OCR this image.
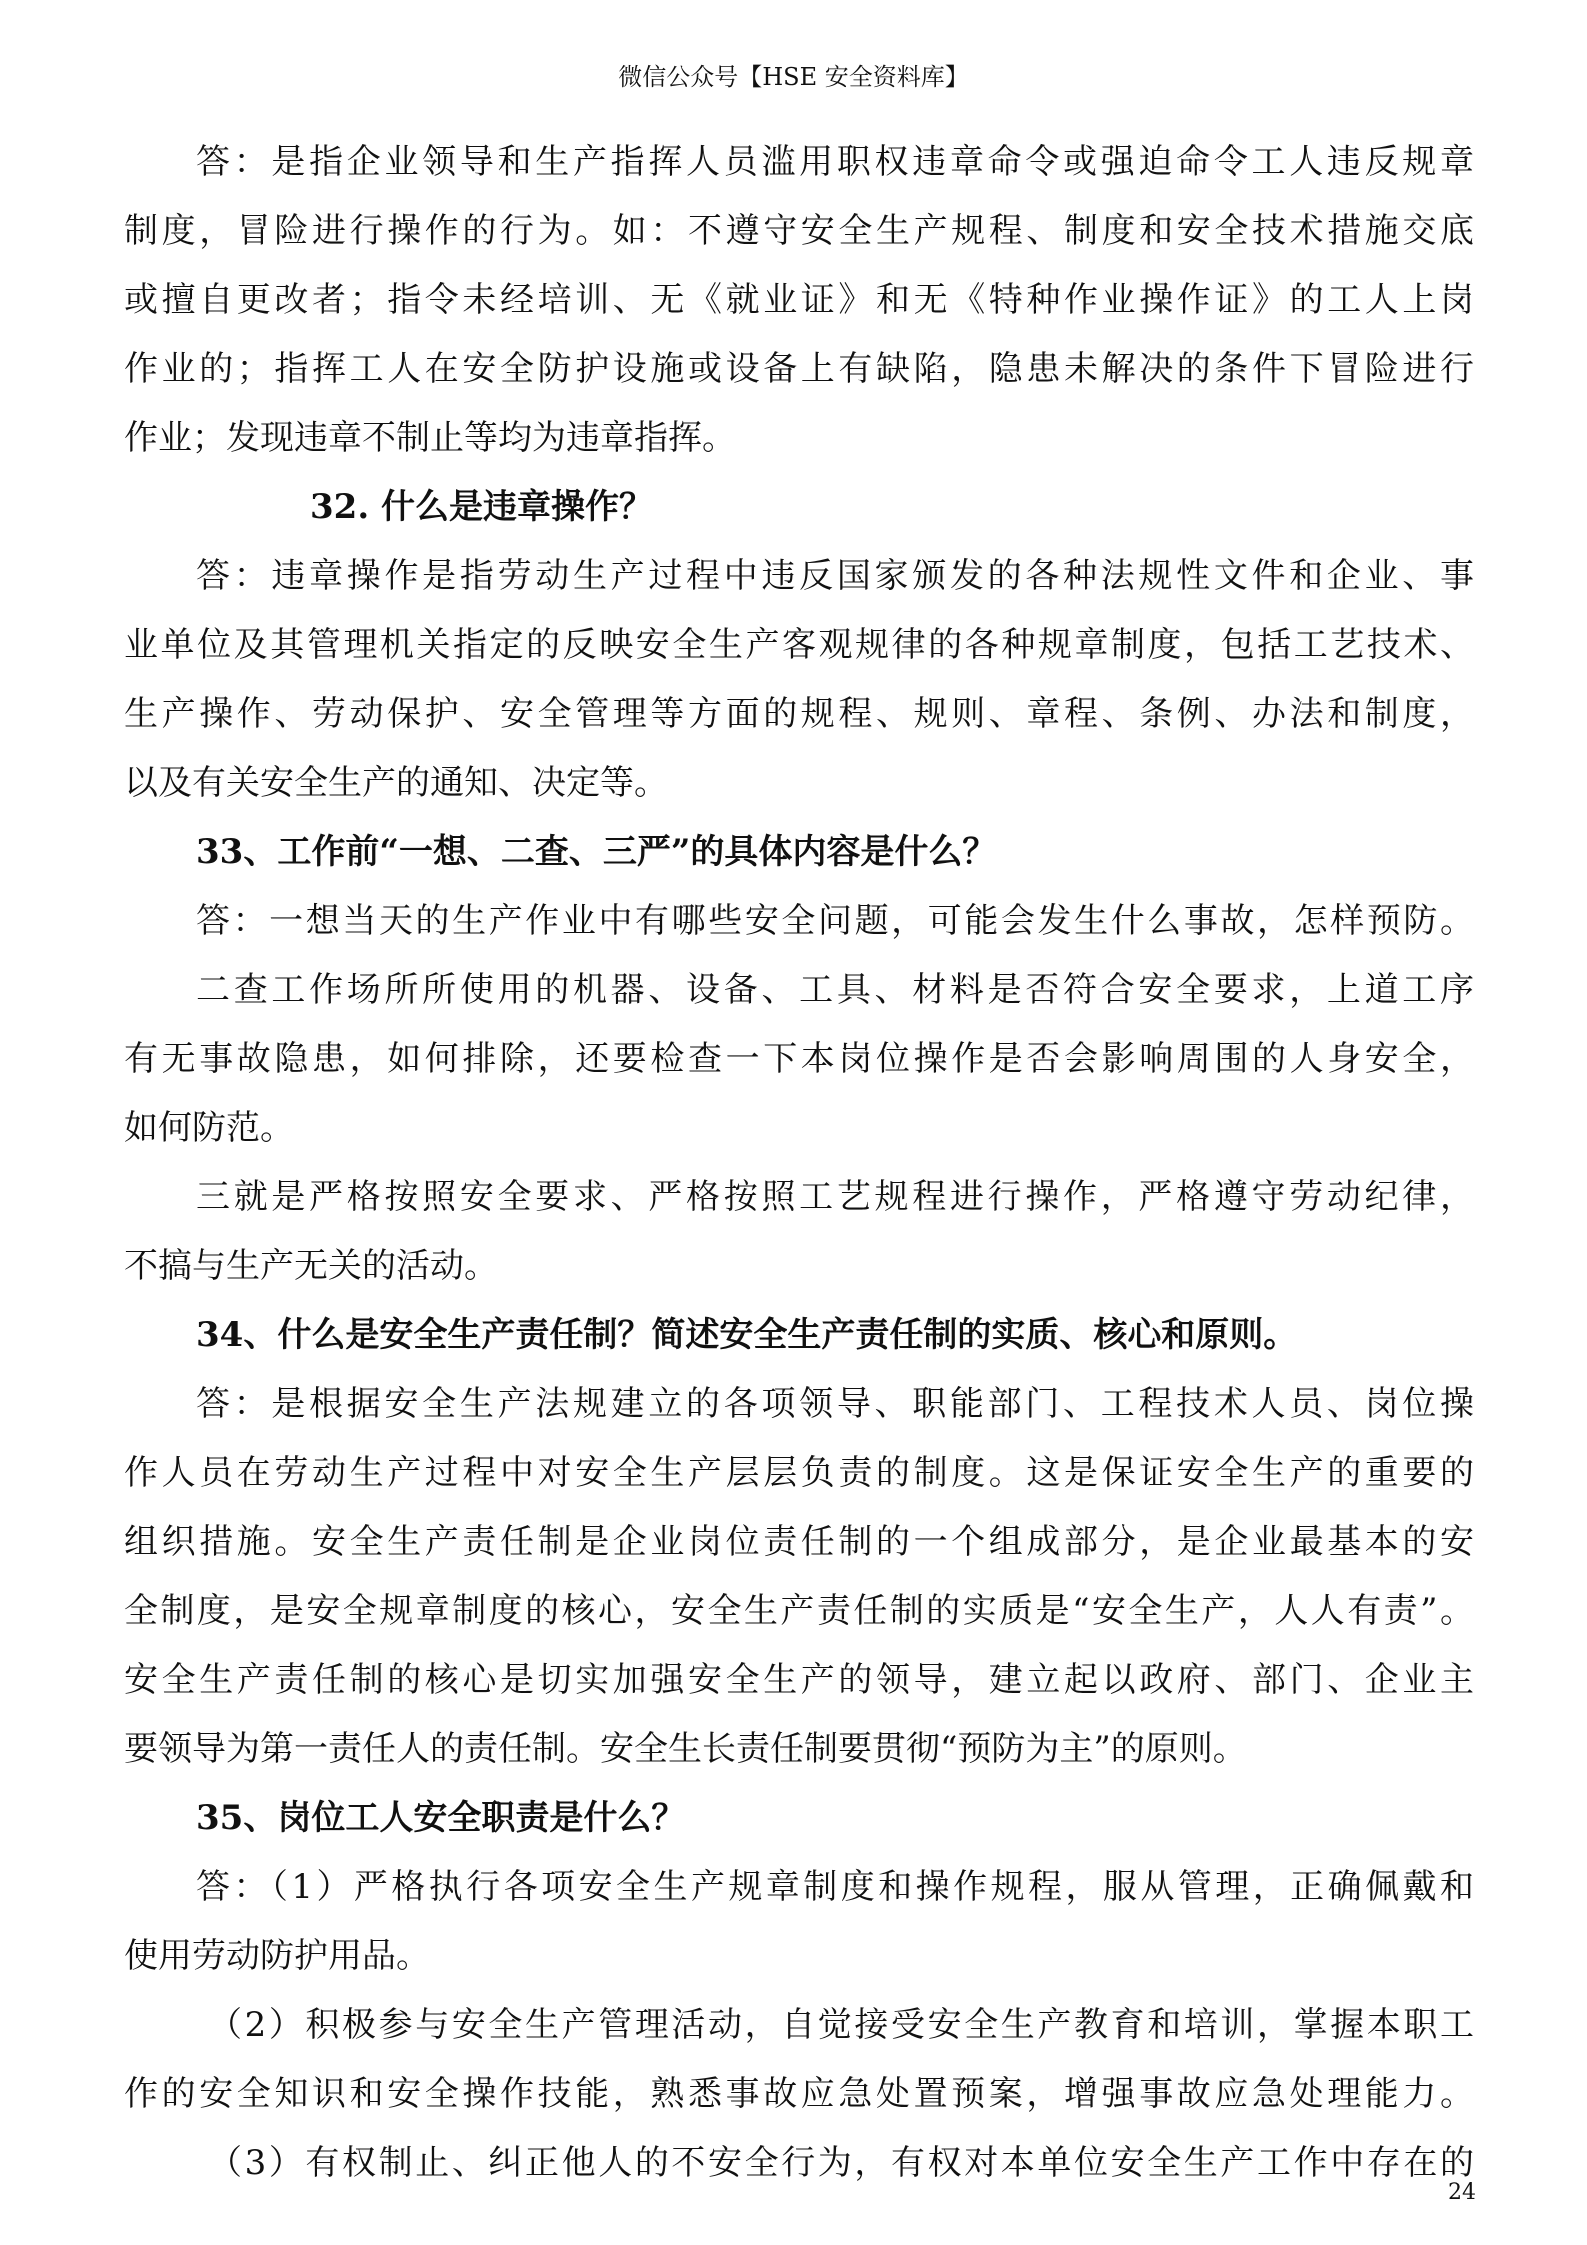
微信公众号【HSE 安全资料库】
答：是指企业领导和生产指挥人员滥用职权违章命令或强迫命令工人违反规章
制度，冒险进行操作的行为。如：不遵守安全生产规程、制度和安全技术措施交底
或擅自更改者；指令未经培训、无《就业证》和无《特种作业操作证》的工人上岗
作业的；指挥工人在安全防护设施或设备上有缺陷，隐患未解决的条件下冒险进行
作业；发现违章不制止等均为违章指挥。
32. 什么是违章操作？
答：违章操作是指劳动生产过程中违反国家颁发的各种法规性文件和企业、事
业单位及其管理机关指定的反映安全生产客观规律的各种规章制度，包括工艺技术、
生产操作、劳动保护、安全管理等方面的规程、规则、章程、条例、办法和制度，
以及有关安全生产的通知、决定等。
33、工作前“一想、二查、三严”的具体内容是什么？
答：一想当天的生产作业中有哪些安全问题，可能会发生什么事故，怎样预防。
二查工作场所所使用的机器、设备、工具、材料是否符合安全要求，上道工序
有无事故隐患，如何排除，还要检查一下本岗位操作是否会影响周围的人身安全，
如何防范。
三就是严格按照安全要求、严格按照工艺规程进行操作，严格遵守劳动纪律，
不搞与生产无关的活动。
34、什么是安全生产责任制？简述安全生产责任制的实质、核心和原则。
答：是根据安全生产法规建立的各项领导、职能部门、工程技术人员、岗位操
作人员在劳动生产过程中对安全生产层层负责的制度。这是保证安全生产的重要的
组织措施。安全生产责任制是企业岗位责任制的一个组成部分，是企业最基本的安
全制度，是安全规章制度的核心，安全生产责任制的实质是“安全生产，人人有责”。
安全生产责任制的核心是切实加强安全生产的领导，建立起以政府、部门、企业主
要领导为第一责任人的责任制。安全生长责任制要贯彻“预防为主”的原则。
35、岗位工人安全职责是什么？
答：（1）严格执行各项安全生产规章制度和操作规程，服从管理，正确佩戴和
使用劳动防护用品。
（2）积极参与安全生产管理活动，自觉接受安全生产教育和培训，掌握本职工
作的安全知识和安全操作技能，熟悉事故应急处置预案，增强事故应急处理能力。
（3）有权制止、纠正他人的不安全行为，有权对本单位安全生产工作中存在的
24
